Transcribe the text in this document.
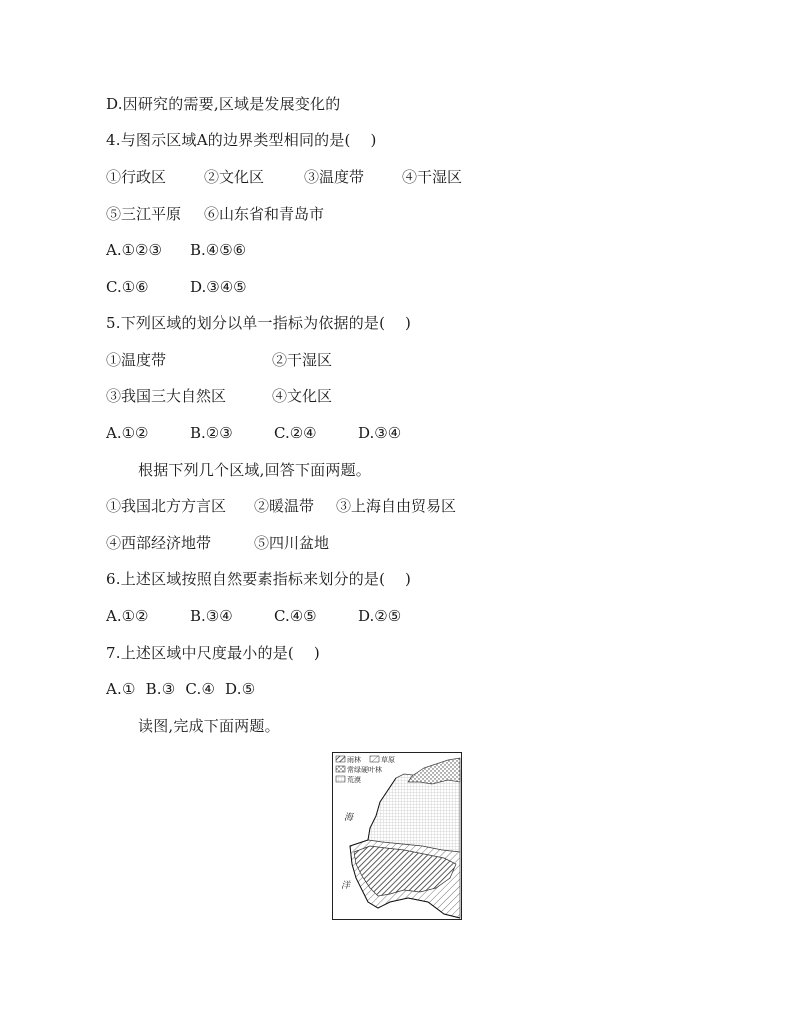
D.因研究的需要,区域是发展变化的
4.与图示区域A的边界类型相同的是(    )
①行政区	②文化区	③温度带	④干湿区
⑤三江平原 ⑥山东省和青岛市
A.①②③ B.④⑤⑥
C.①⑥	D.③④⑤
5.下列区域的划分以单一指标为依据的是(    )
①温度带	②干湿区
③我国三大自然区	④文化区
A.①②	B.②③	C.②④	D.③④
根据下列几个区域,回答下面两题。
①我国北方方言区 ②暖温带 ③上海自由贸易区
④西部经济地带	⑤四川盆地
6.上述区域按照自然要素指标来划分的是(    )
A.①②	B.③④	C.④⑤	D.②⑤
7.上述区域中尺度最小的是(    )
A.①  B.③  C.④  D.⑤
读图,完成下面两题。
雨林	草原
常绿硬叶林
荒漠
海
洋
